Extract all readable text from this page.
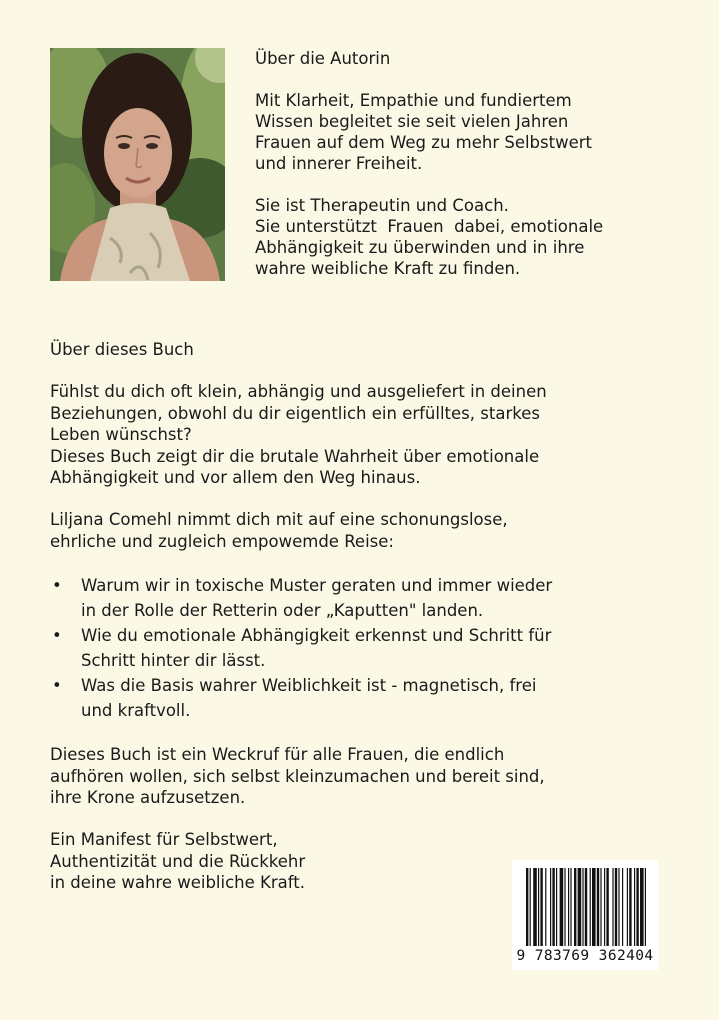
Über die Autorin

Mit Klarheit, Empathie und fundiertem

Wissen begleitet sie seit vielen Jahren

Frauen auf dem Weg zu mehr Selbstwert

und innerer Freiheit.

Sie ist Therapeutin und Coach.

Sie unterstützt  Frauen  dabei, emotionale

Abhängigkeit zu überwinden und in ihre

wahre weibliche Kraft zu finden.

Über dieses Buch

Fühlst du dich oft klein, abhängig und ausgeliefert in deinen

Beziehungen, obwohl du dir eigentlich ein erfülltes, starkes

Leben wünschst?

Dieses Buch zeigt dir die brutale Wahrheit über emotionale

Abhängigkeit und vor allem den Weg hinaus.

Liljana Comehl nimmt dich mit auf eine schonungslose,

ehrliche und zugleich empowemde Reise:

• Warum wir in toxische Muster geraten und immer wieder
in der Rolle der Retterin oder „Kaputten" landen.
• Wie du emotionale Abhängigkeit erkennst und Schritt für
Schritt hinter dir lässt.
• Was die Basis wahrer Weiblichkeit ist - magnetisch, frei
und kraftvoll.

Dieses Buch ist ein Weckruf für alle Frauen, die endlich

aufhören wollen, sich selbst kleinzumachen und bereit sind,

ihre Krone aufzusetzen.

Ein Manifest für Selbstwert,

Authentizität und die Rückkehr

in deine wahre weibliche Kraft.

9 783769 362404
